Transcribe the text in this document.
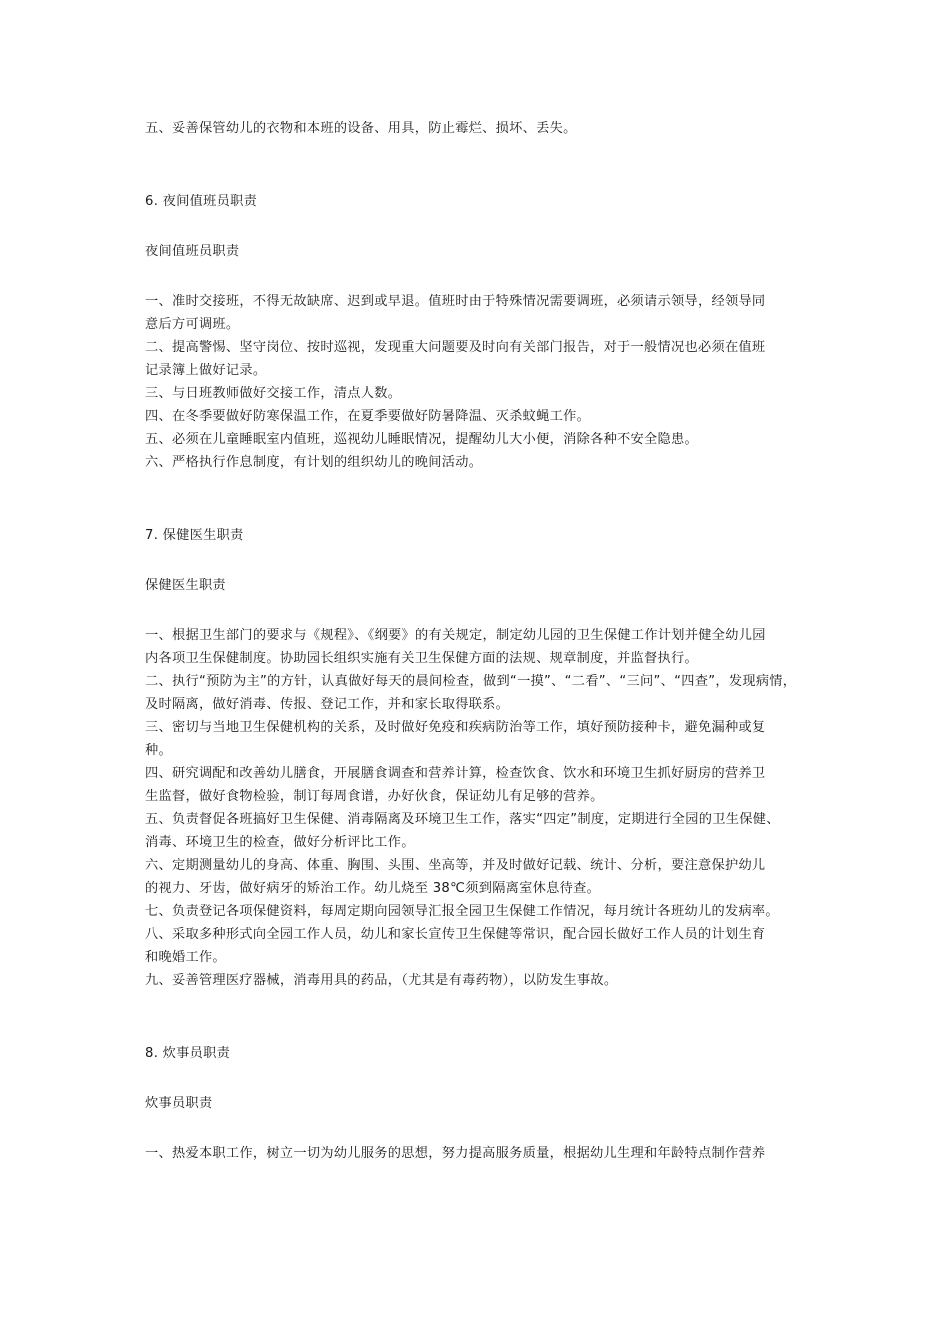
五、妥善保管幼儿的衣物和本班的设备、用具，防止霉烂、损坏、丢失。
6. 夜间值班员职责
夜间值班员职责
一、准时交接班，不得无故缺席、迟到或早退。值班时由于特殊情况需要调班，必须请示领导，经领导同
意后方可调班。
二、提高警惕、坚守岗位、按时巡视，发现重大问题要及时向有关部门报告，对于一般情况也必须在值班
记录簿上做好记录。
三、与日班教师做好交接工作，清点人数。
四、在冬季要做好防寒保温工作，在夏季要做好防暑降温、灭杀蚊蝇工作。
五、必须在儿童睡眠室内值班，巡视幼儿睡眠情况，提醒幼儿大小便，消除各种不安全隐患。
六、严格执行作息制度，有计划的组织幼儿的晚间活动。
7. 保健医生职责
保健医生职责
一、根据卫生部门的要求与《规程》、《纲要》的有关规定，制定幼儿园的卫生保健工作计划并健全幼儿园
内各项卫生保健制度。协助园长组织实施有关卫生保健方面的法规、规章制度，并监督执行。
二、执行“预防为主”的方针，认真做好每天的晨间检查，做到“一摸”、“二看”、“三问”、“四查”，发现病情，
及时隔离，做好消毒、传报、登记工作，并和家长取得联系。
三、密切与当地卫生保健机构的关系，及时做好免疫和疾病防治等工作，填好预防接种卡，避免漏种或复
种。
四、研究调配和改善幼儿膳食，开展膳食调查和营养计算，检查饮食、饮水和环境卫生抓好厨房的营养卫
生监督，做好食物检验，制订每周食谱，办好伙食，保证幼儿有足够的营养。
五、负责督促各班搞好卫生保健、消毒隔离及环境卫生工作，落实“四定”制度，定期进行全园的卫生保健、
消毒、环境卫生的检查，做好分析评比工作。
六、定期测量幼儿的身高、体重、胸围、头围、坐高等，并及时做好记载、统计、分析，要注意保护幼儿
的视力、牙齿，做好病牙的矫治工作。幼儿烧至 38℃须到隔离室休息待查。
七、负责登记各项保健资料，每周定期向园领导汇报全园卫生保健工作情况，每月统计各班幼儿的发病率。
八、采取多种形式向全园工作人员，幼儿和家长宣传卫生保健等常识，配合园长做好工作人员的计划生育
和晚婚工作。
九、妥善管理医疗器械，消毒用具的药品，（尤其是有毒药物），以防发生事故。
8. 炊事员职责
炊事员职责
一、热爱本职工作，树立一切为幼儿服务的思想，努力提高服务质量，根据幼儿生理和年龄特点制作营养
